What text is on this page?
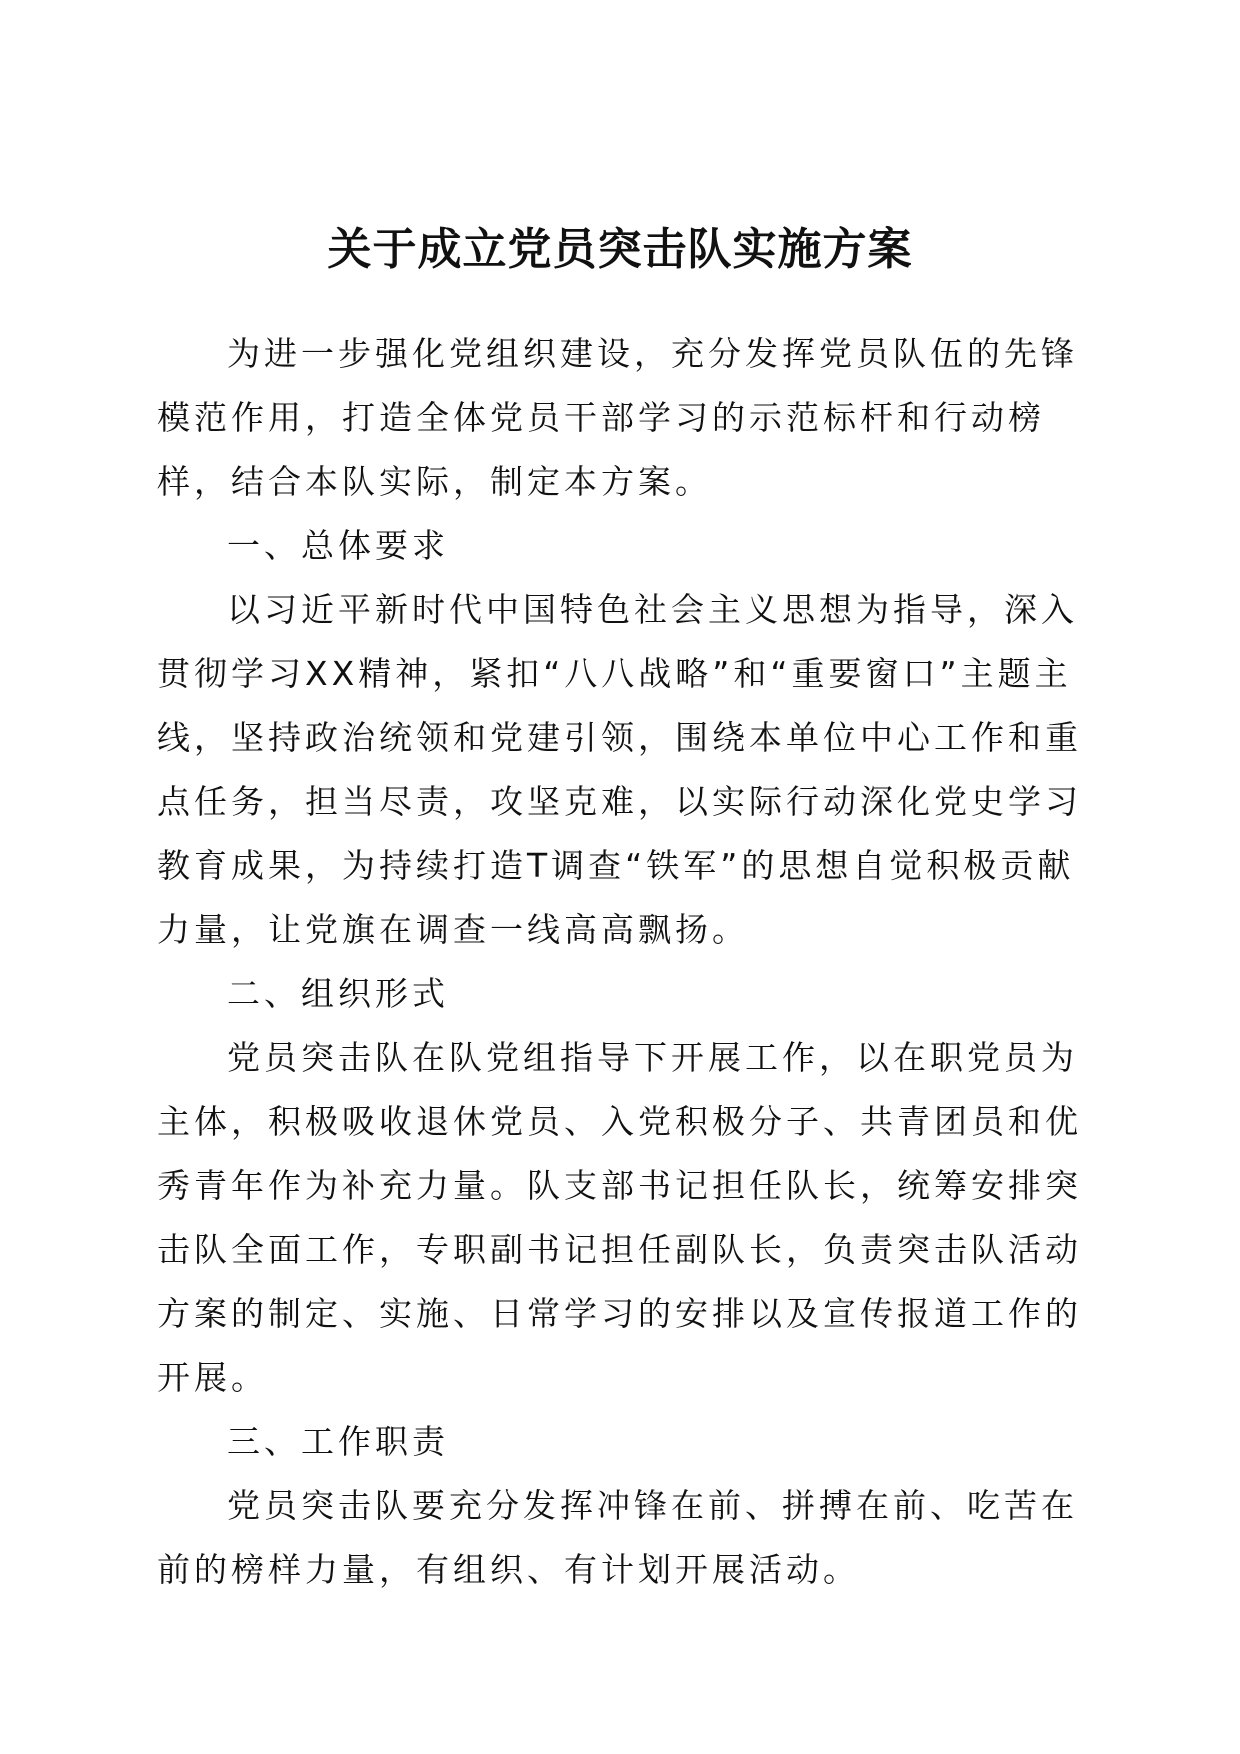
关于成立党员突击队实施方案

为进一步强化党组织建设，充分发挥党员队伍的先锋模范作用，打造全体党员干部学习的示范标杆和行动榜样，结合本队实际，制定本方案。

一、总体要求

以习近平新时代中国特色社会主义思想为指导，深入贯彻学习XX精神，紧扣“八八战略”和“重要窗口”主题主线，坚持政治统领和党建引领，围绕本单位中心工作和重点任务，担当尽责，攻坚克难，以实际行动深化党史学习教育成果，为持续打造T调查“铁军”的思想自觉积极贡献力量，让党旗在调查一线高高飘扬。

二、组织形式

党员突击队在队党组指导下开展工作，以在职党员为主体，积极吸收退休党员、入党积极分子、共青团员和优秀青年作为补充力量。队支部书记担任队长，统筹安排突击队全面工作，专职副书记担任副队长，负责突击队活动方案的制定、实施、日常学习的安排以及宣传报道工作的开展。

三、工作职责

党员突击队要充分发挥冲锋在前、拼搏在前、吃苦在前的榜样力量，有组织、有计划开展活动。
